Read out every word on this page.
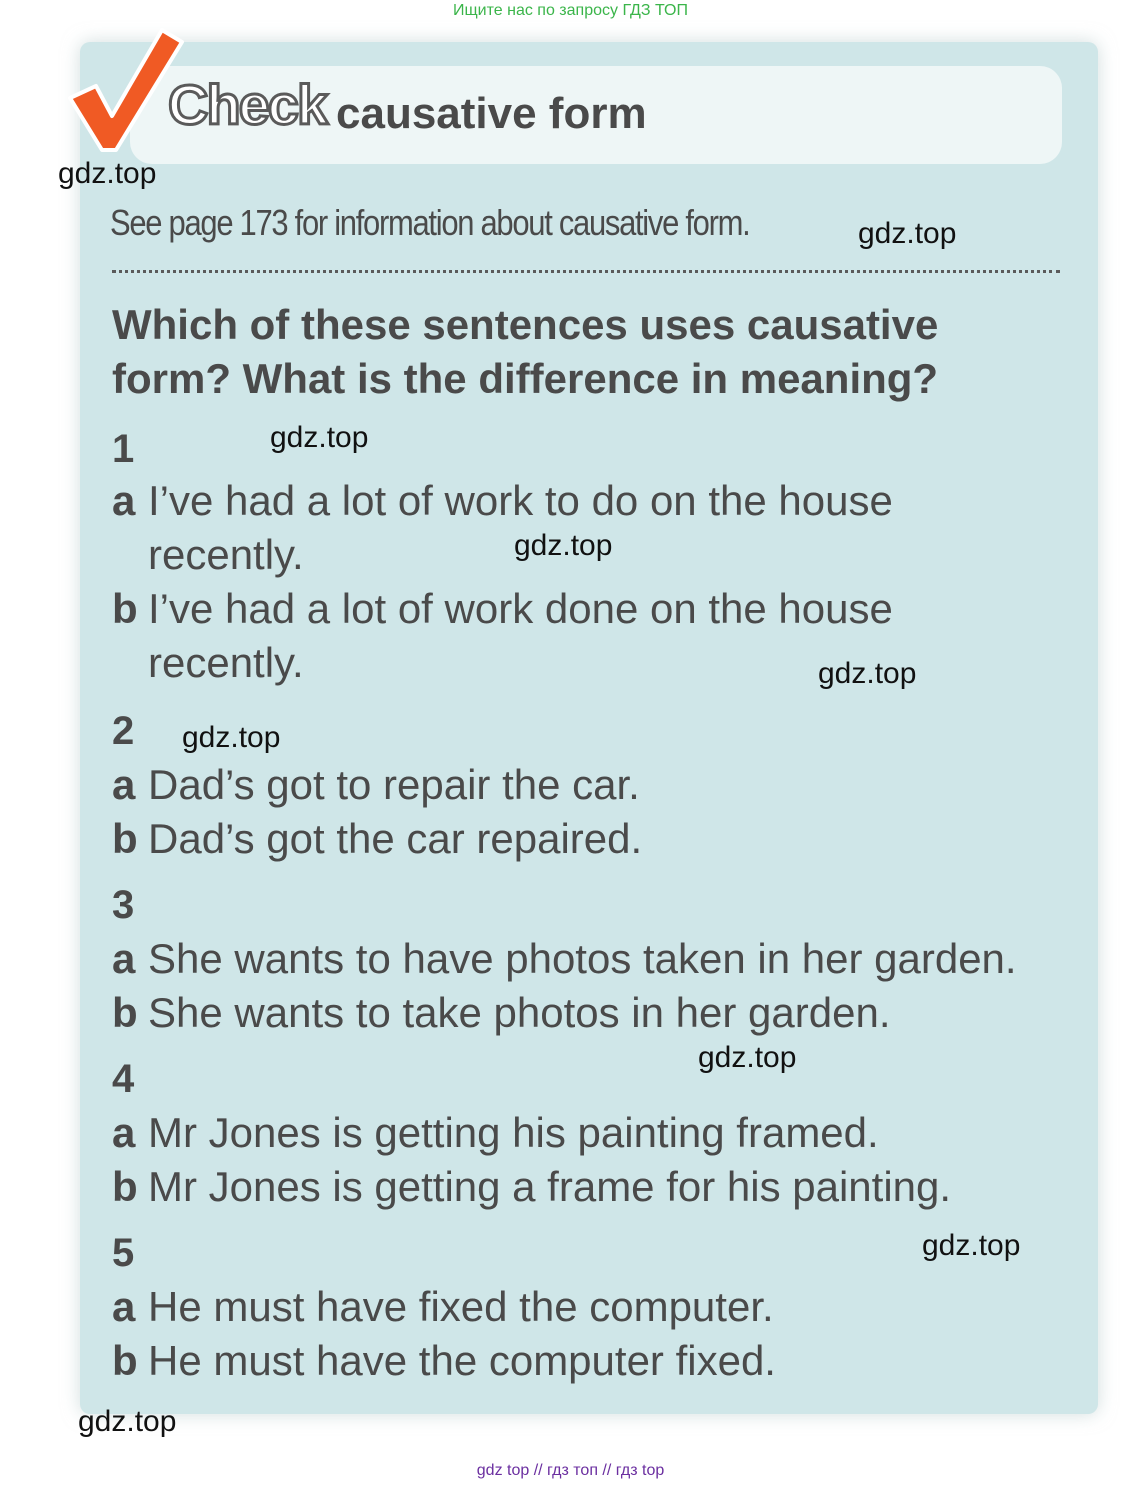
Ищите нас по запросу ГДЗ ТОП
Check causative form
See page 173 for information about causative form.
Which of these sentences uses causative
form? What is the difference in meaning?
1
a I’ve had a lot of work to do on the house
recently.
b I’ve had a lot of work done on the house
recently.
2
a Dad’s got to repair the car.
b Dad’s got the car repaired.
3
a She wants to have photos taken in her garden.
b She wants to take photos in her garden.
4
a Mr Jones is getting his painting framed.
b Mr Jones is getting a frame for his painting.
5
a He must have fixed the computer.
b He must have the computer fixed.
gdz.top
gdz.top
gdz.top
gdz.top
gdz.top
gdz.top
gdz.top
gdz.top
gdz.top
gdz top // гдз топ // гдз top
